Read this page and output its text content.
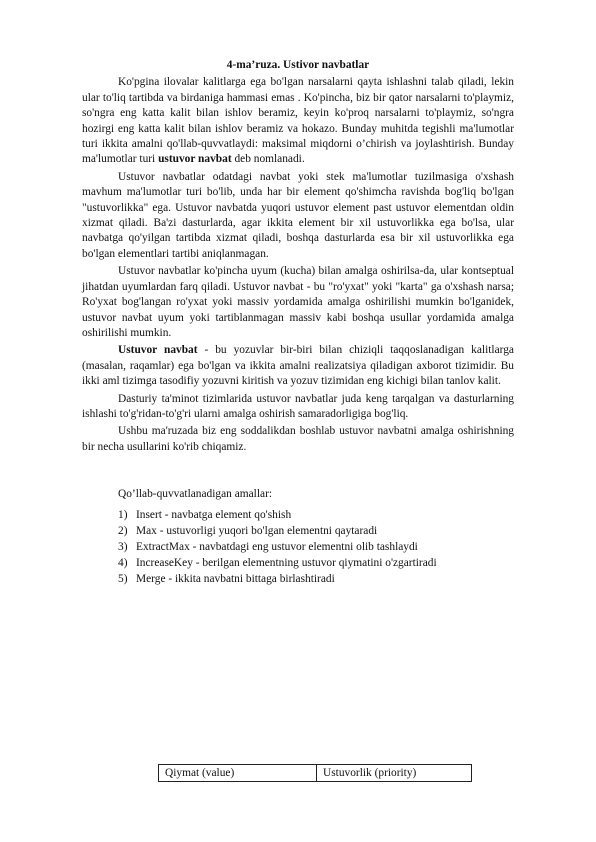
4-ma’ruza. Ustivor navbatlar

Ko'pgina ilovalar kalitlarga ega bo'lgan narsalarni qayta ishlashni talab qiladi, lekin ular to'liq tartibda va birdaniga hammasi emas . Ko'pincha, biz bir qator narsalarni to'playmiz, so'ngra eng katta kalit bilan ishlov beramiz, keyin ko'proq narsalarni to'playmiz, so'ngra hozirgi eng katta kalit bilan ishlov beramiz va hokazo. Bunday muhitda tegishli ma'lumotlar turi ikkita amalni qo'llab-quvvatlaydi: maksimal miqdorni o’chirish va joylashtirish. Bunday ma'lumotlar turi ustuvor navbat deb nomlanadi.

Ustuvor navbatlar odatdagi navbat yoki stek ma'lumotlar tuzilmasiga o'xshash mavhum ma'lumotlar turi bo'lib, unda har bir element qo'shimcha ravishda bog'liq bo'lgan "ustuvorlikka" ega. Ustuvor navbatda yuqori ustuvor element past ustuvor elementdan oldin xizmat qiladi. Ba'zi dasturlarda, agar ikkita element bir xil ustuvorlikka ega bo'lsa, ular navbatga qo'yilgan tartibda xizmat qiladi, boshqa dasturlarda esa bir xil ustuvorlikka ega bo'lgan elementlari tartibi aniqlanmagan.

Ustuvor navbatlar ko'pincha uyum (kucha) bilan amalga oshirilsa-da, ular kontseptual jihatdan uyumlardan farq qiladi. Ustuvor navbat - bu "ro'yxat" yoki "karta" ga o'xshash narsa; Ro'yxat bog'langan ro'yxat yoki massiv yordamida amalga oshirilishi mumkin bo'lganidek, ustuvor navbat uyum yoki tartiblanmagan massiv kabi boshqa usullar yordamida amalga oshirilishi mumkin.

Ustuvor navbat - bu yozuvlar bir-biri bilan chiziqli taqqoslanadigan kalitlarga (masalan, raqamlar) ega bo'lgan va ikkita amalni realizatsiya qiladigan axborot tizimidir. Bu ikki aml tizimga tasodifiy yozuvni kiritish va yozuv tizimidan eng kichigi bilan tanlov kalit.

Dasturiy ta'minot tizimlarida ustuvor navbatlar juda keng tarqalgan va dasturlarning ishlashi to'g'ridan-to'g'ri ularni amalga oshirish samaradorligiga bog'liq.

Ushbu ma'ruzada biz eng soddalikdan boshlab ustuvor navbatni amalga oshirishning bir necha usullarini ko'rib chiqamiz.

Qo’llab-quvvatlanadigan amallar:

1) Insert - navbatga element qo'shish
2) Max - ustuvorligi yuqori bo'lgan elementni qaytaradi
3) ExtractMax - navbatdagi eng ustuvor elementni olib tashlaydi
4) IncreaseKey - berilgan elementning ustuvor qiymatini o'zgartiradi
5) Merge - ikkita navbatni bittaga birlashtiradi
Qiymat (value)	Ustuvorlik (priority)
